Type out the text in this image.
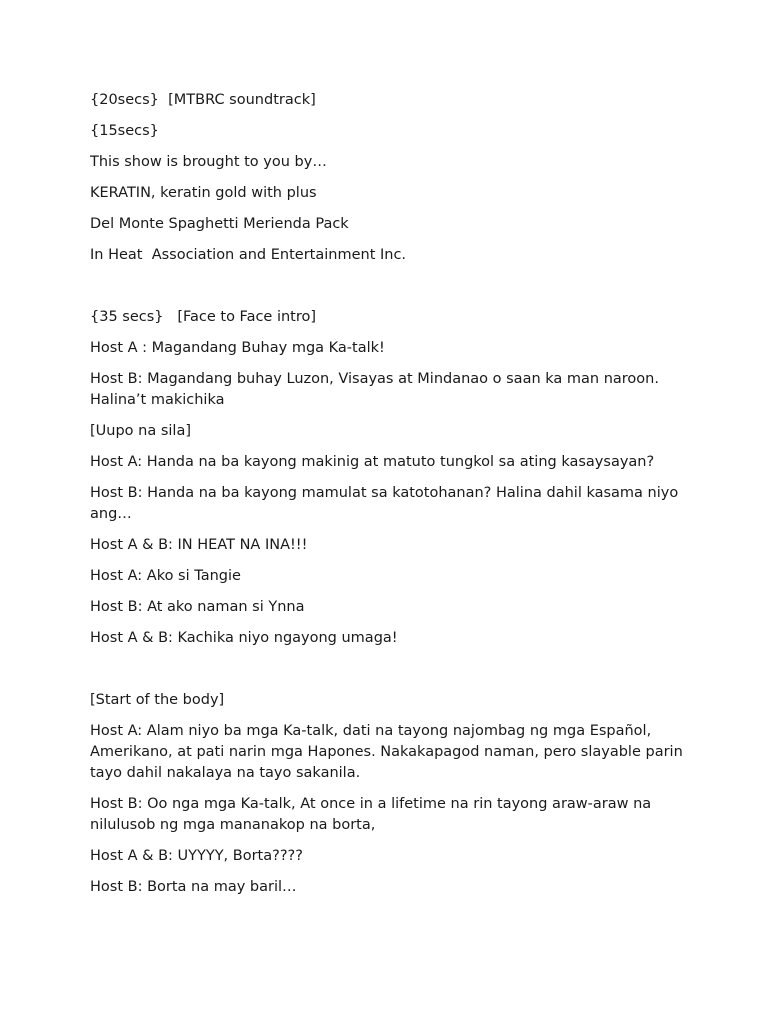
{20secs}  [MTBRC soundtrack]

{15secs}

This show is brought to you by…

KERATIN, keratin gold with plus

Del Monte Spaghetti Merienda Pack

In Heat  Association and Entertainment Inc.

{35 secs}   [Face to Face intro]

Host A : Magandang Buhay mga Ka-talk!

Host B: Magandang buhay Luzon, Visayas at Mindanao o saan ka man naroon. Halina’t makichika

[Uupo na sila]

Host A: Handa na ba kayong makinig at matuto tungkol sa ating kasaysayan?

Host B: Handa na ba kayong mamulat sa katotohanan? Halina dahil kasama niyo ang…

Host A & B: IN HEAT NA INA!!!

Host A: Ako si Tangie

Host B: At ako naman si Ynna

Host A & B: Kachika niyo ngayong umaga!

[Start of the body]

Host A: Alam niyo ba mga Ka-talk, dati na tayong najombag ng mga Español, Amerikano, at pati narin mga Hapones. Nakakapagod naman, pero slayable parin tayo dahil nakalaya na tayo sakanila.

Host B: Oo nga mga Ka-talk, At once in a lifetime na rin tayong araw-araw na nilulusob ng mga mananakop na borta,

Host A & B: UYYYY, Borta????

Host B: Borta na may baril…
